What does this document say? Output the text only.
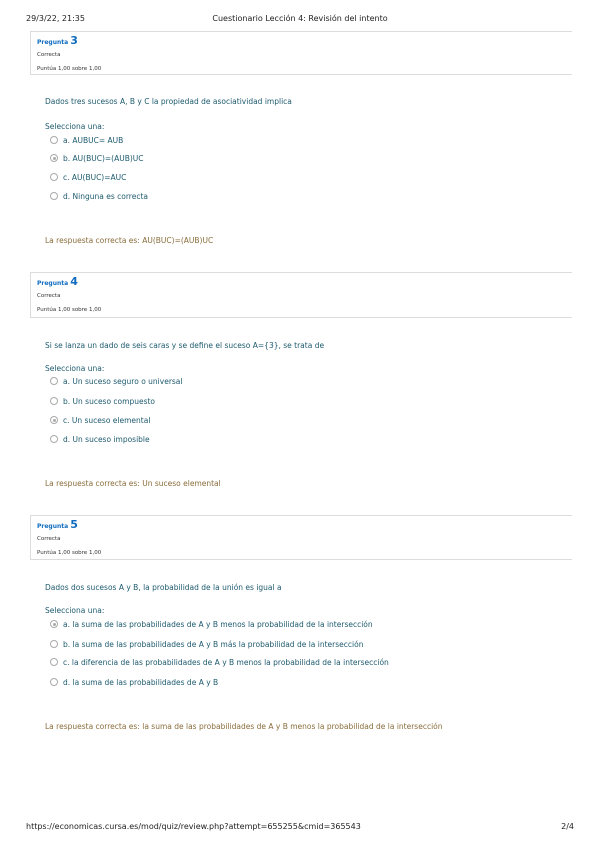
29/3/22, 21:35	Cuestionario Lección 4: Revisión del intento
Pregunta 3
Correcta
Puntúa 1,00 sobre 1,00
Dados tres sucesos A, B y C la propiedad de asociatividad implica
Selecciona una:
a. AUBUC= AUB
b. AU(BUC)=(AUB)UC
c. AU(BUC)=AUC
d. Ninguna es correcta
La respuesta correcta es: AU(BUC)=(AUB)UC
Pregunta 4
Correcta
Puntúa 1,00 sobre 1,00
Si se lanza un dado de seis caras y se define el suceso A={3}, se trata de
Selecciona una:
a. Un suceso seguro o universal
b. Un suceso compuesto
c. Un suceso elemental
d. Un suceso imposible
La respuesta correcta es: Un suceso elemental
Pregunta 5
Correcta
Puntúa 1,00 sobre 1,00
Dados dos sucesos A y B, la probabilidad de la unión es igual a
Selecciona una:
a. la suma de las probabilidades de A y B menos la probabilidad de la intersección
b. la suma de las probabilidades de A y B más la probabilidad de la intersección
c. la diferencia de las probabilidades de A y B menos la probabilidad de la intersección
d. la suma de las probabilidades de A y B
La respuesta correcta es: la suma de las probabilidades de A y B menos la probabilidad de la intersección
https://economicas.cursa.es/mod/quiz/review.php?attempt=655255&cmid=365543	2/4
